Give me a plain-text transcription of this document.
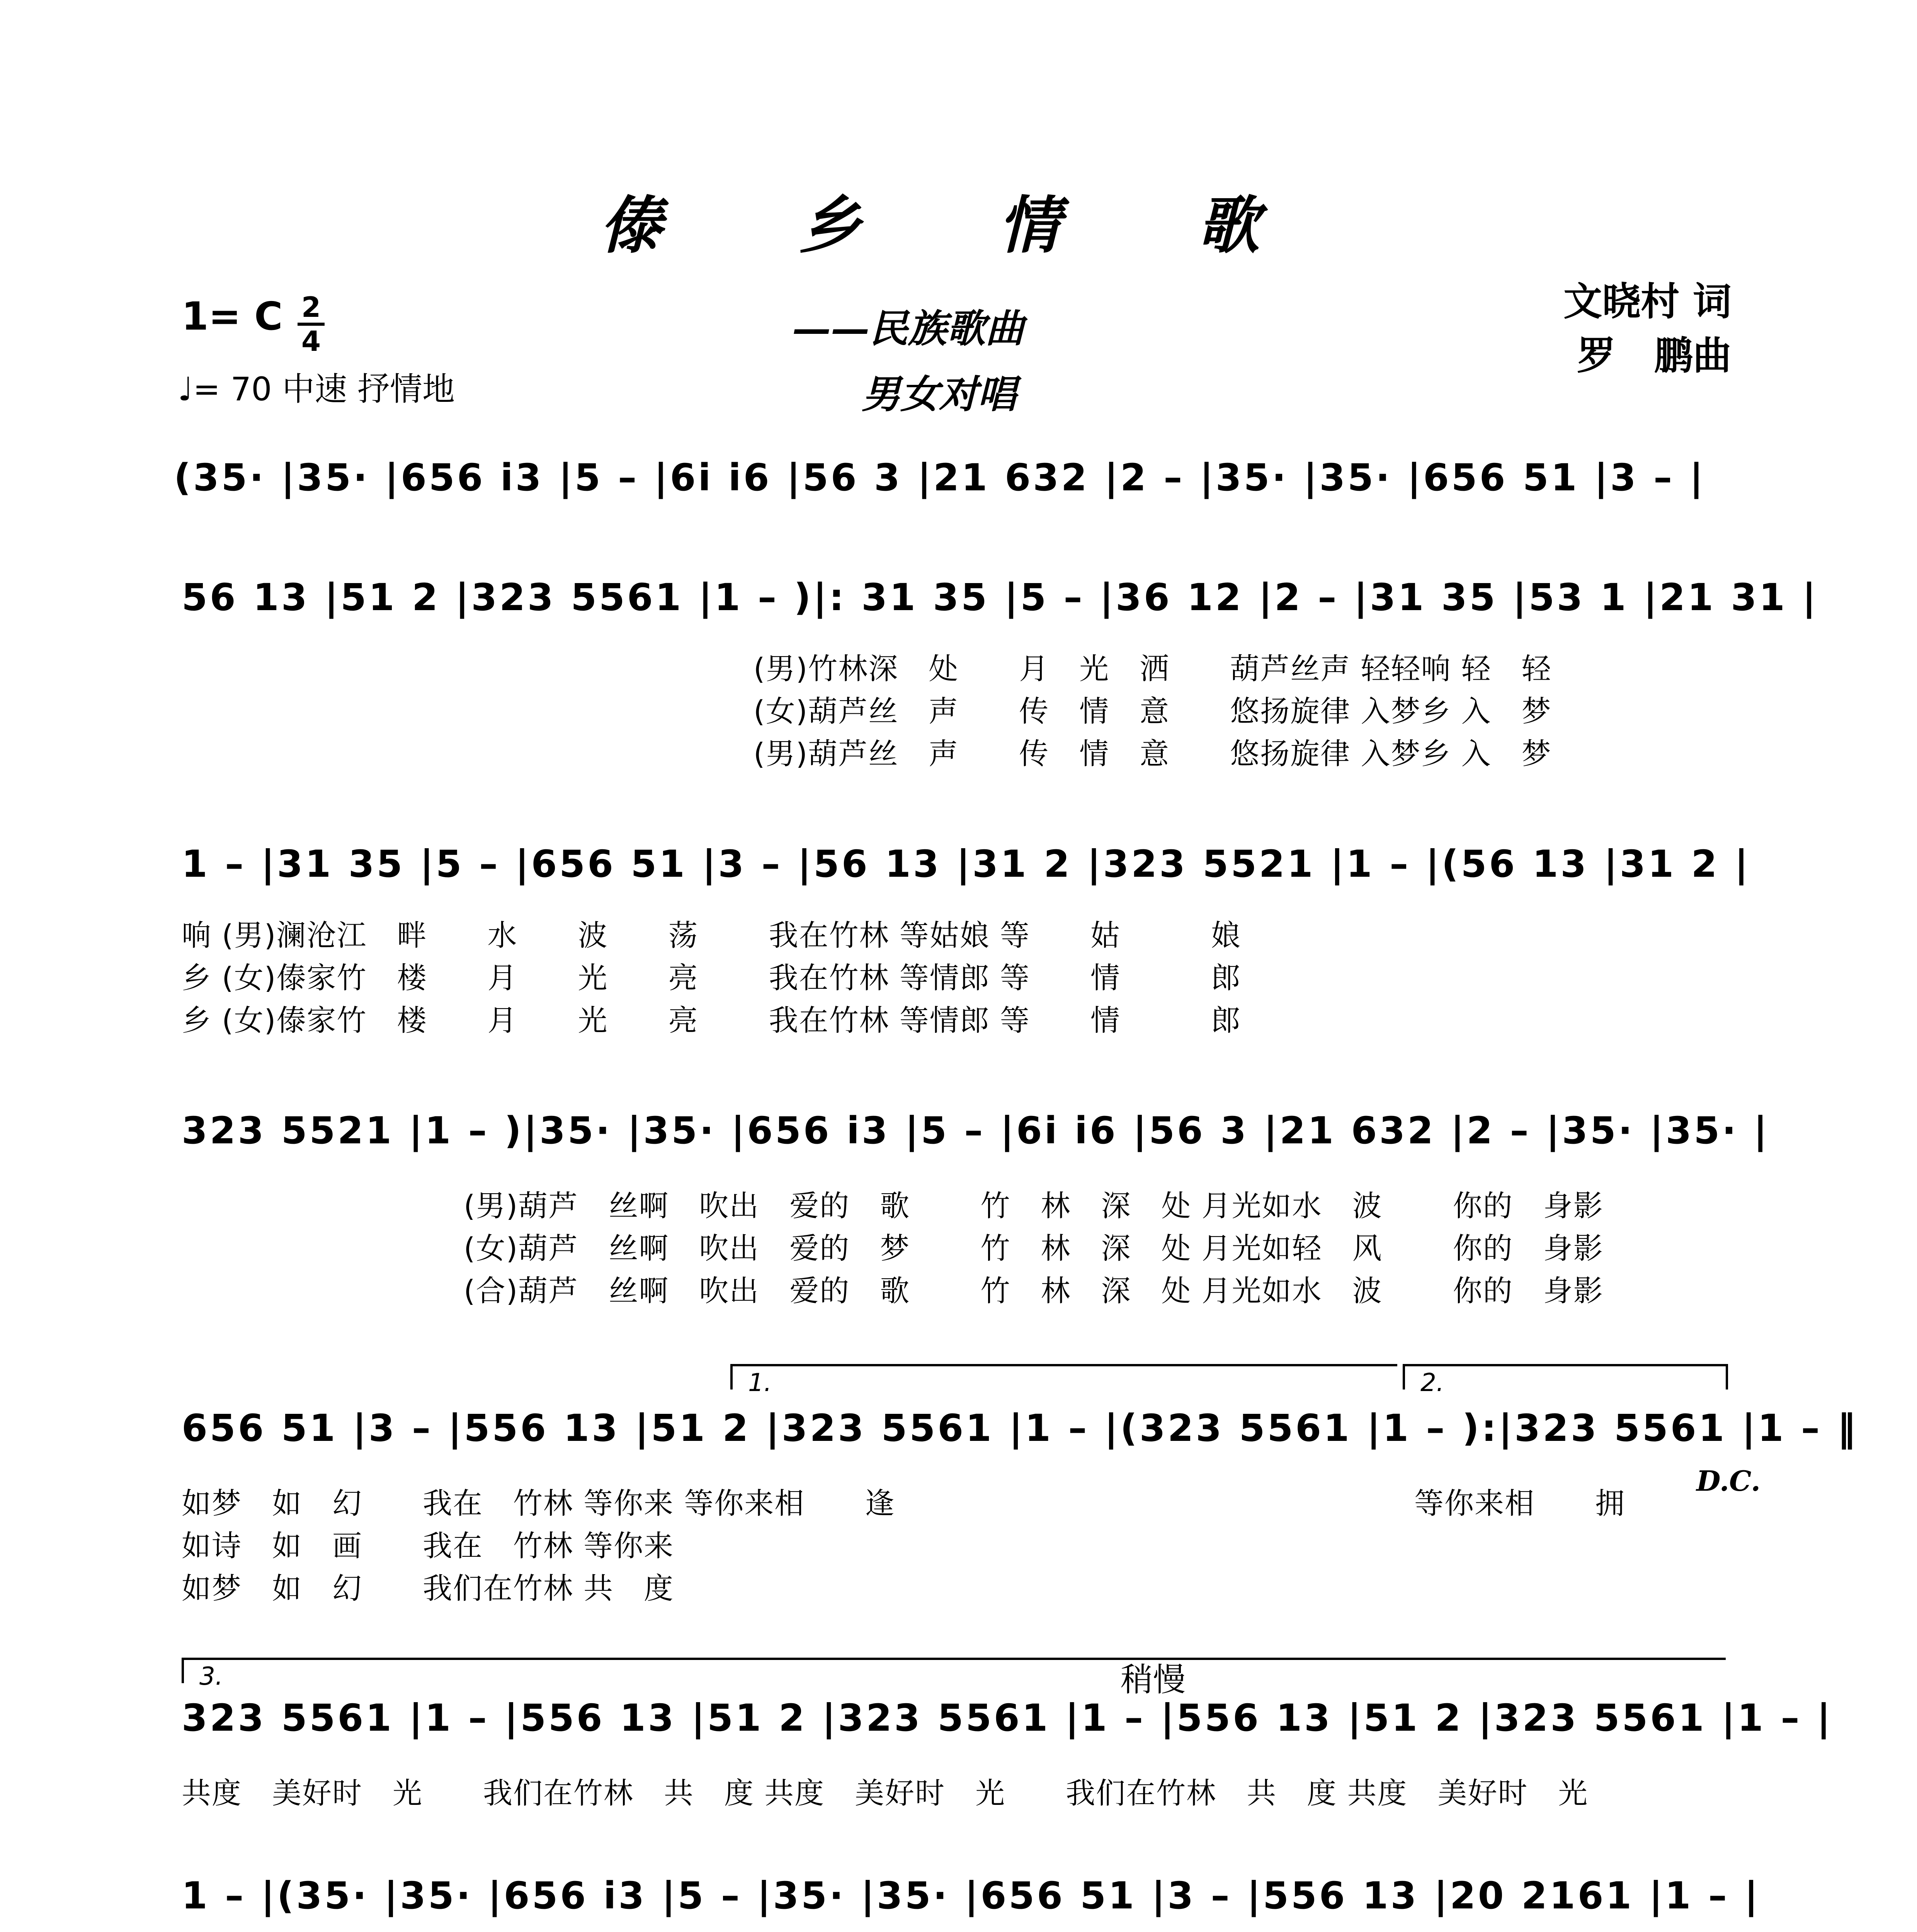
傣 乡 情 歌
——民族歌曲
男女对唱
文晓村 词
罗　鹏曲
1= C 2
4
♩= 70 中速 抒情地
(35· |35· |656 i3 |5 – |6i i6 |56 3 |21 632 |2 – |35· |35· |656 51 |3 – |
56 13 |51 2 |323 5561 |1 – )|: 31 35 |5 – |36 12 |2 – |31 35 |53 1 |21 31 |
(男)竹林深　处　　月　光　洒　　葫芦丝声 轻轻响 轻　轻
(女)葫芦丝　声　　传　情　意　　悠扬旋律 入梦乡 入　梦
(男)葫芦丝　声　　传　情　意　　悠扬旋律 入梦乡 入　梦
1 – |31 35 |5 – |656 51 |3 – |56 13 |31 2 |323 5521 |1 – |(56 13 |31 2 |
响 (男)澜沧江　畔　　水　　波　　荡　　 我在竹林 等姑娘 等　　姑　　　娘
乡 (女)傣家竹　楼　　月　　光　　亮　　 我在竹林 等情郎 等　　情　　　郎
乡 (女)傣家竹　楼　　月　　光　　亮　　 我在竹林 等情郎 等　　情　　　郎
323 5521 |1 – )|35· |35· |656 i3 |5 – |6i i6 |56 3 |21 632 |2 – |35· |35· |
(男)葫芦　丝啊　吹出　爱的　歌　　 竹　林　深　处 月光如水　波　　 你的　身影
(女)葫芦　丝啊　吹出　爱的　梦　　 竹　林　深　处 月光如轻　风　　 你的　身影
(合)葫芦　丝啊　吹出　爱的　歌　　 竹　林　深　处 月光如水　波　　 你的　身影
1.	2.
656 51 |3 – |556 13 |51 2 |323 5561 |1 – |(323 5561 |1 – ):|323 5561 |1 – ‖
D.C.
如梦　如　幻　　我在　竹林 等你来 等你来相　　逢	等你来相　　拥
如诗　如　画　　我在　竹林 等你来
如梦　如　幻　　我们在竹林 共　度
3.	稍慢
323 5561 |1 – |556 13 |51 2 |323 5561 |1 – |556 13 |51 2 |323 5561 |1 – |
共度　美好时　光　　我们在竹林　共　度 共度　美好时　光　　我们在竹林　共　度 共度　美好时　光
1 – |(35· |35· |656 i3 |5 – |35· |35· |656 51 |3 – |556 13 |20 2161 |1 – |
